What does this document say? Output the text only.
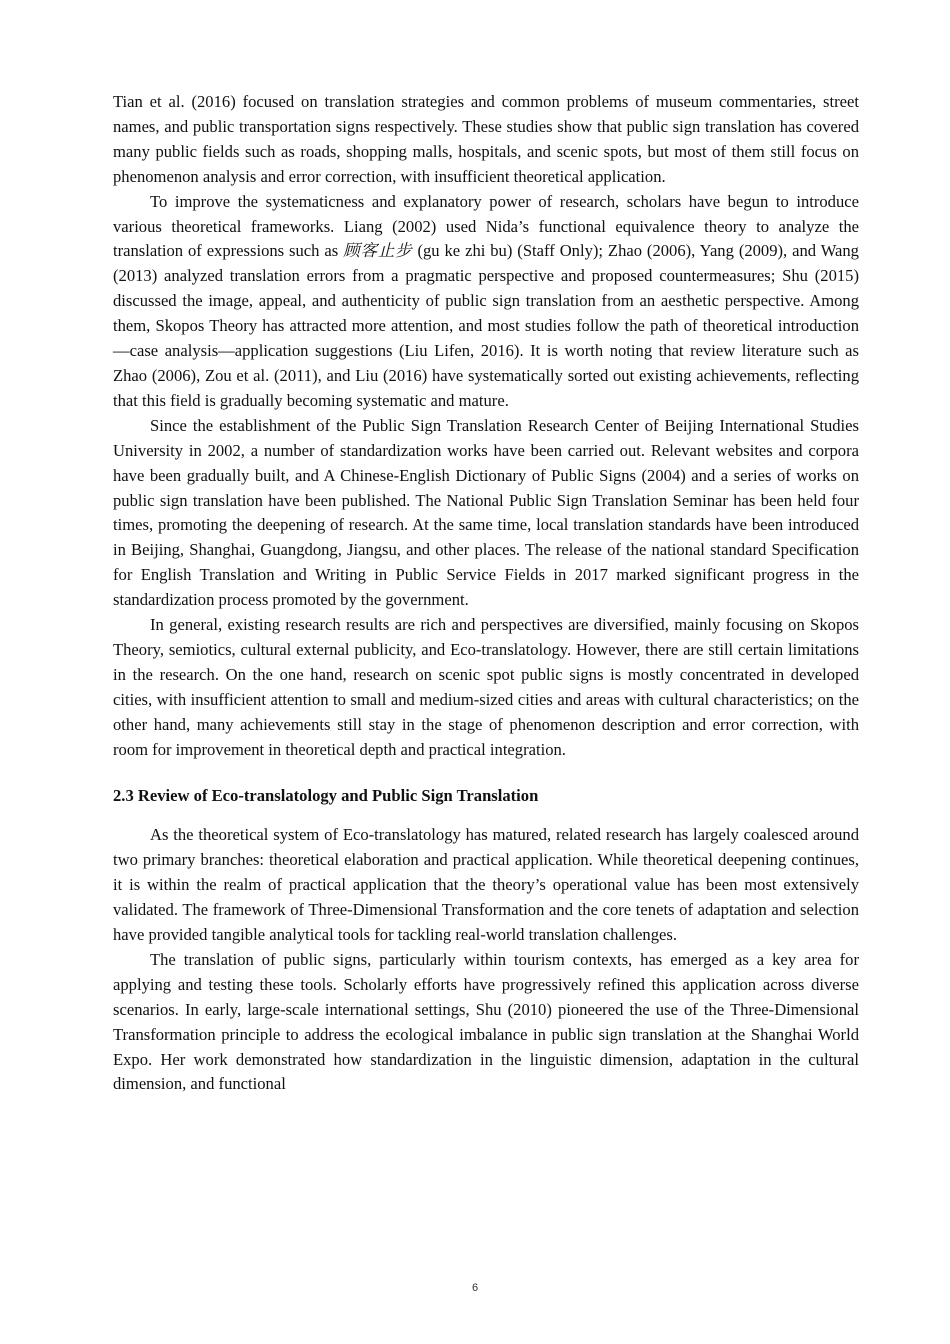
Tian et al. (2016) focused on translation strategies and common problems of museum commentaries, street names, and public transportation signs respectively. These studies show that public sign translation has covered many public fields such as roads, shopping malls, hospitals, and scenic spots, but most of them still focus on phenomenon analysis and error correction, with insufficient theoretical application.

To improve the systematicness and explanatory power of research, scholars have begun to introduce various theoretical frameworks. Liang (2002) used Nida’s functional equivalence theory to analyze the translation of expressions such as 顾客止步 (gu ke zhi bu) (Staff Only); Zhao (2006), Yang (2009), and Wang (2013) analyzed translation errors from a pragmatic perspective and proposed countermeasures; Shu (2015) discussed the image, appeal, and authenticity of public sign translation from an aesthetic perspective. Among them, Skopos Theory has attracted more attention, and most studies follow the path of theoretical introduction—case analysis—application suggestions (Liu Lifen, 2016). It is worth noting that review literature such as Zhao (2006), Zou et al. (2011), and Liu (2016) have systematically sorted out existing achievements, reflecting that this field is gradually becoming systematic and mature.

Since the establishment of the Public Sign Translation Research Center of Beijing International Studies University in 2002, a number of standardization works have been carried out. Relevant websites and corpora have been gradually built, and A Chinese-English Dictionary of Public Signs (2004) and a series of works on public sign translation have been published. The National Public Sign Translation Seminar has been held four times, promoting the deepening of research. At the same time, local translation standards have been introduced in Beijing, Shanghai, Guangdong, Jiangsu, and other places. The release of the national standard Specification for English Translation and Writing in Public Service Fields in 2017 marked significant progress in the standardization process promoted by the government.

In general, existing research results are rich and perspectives are diversified, mainly focusing on Skopos Theory, semiotics, cultural external publicity, and Eco-translatology. However, there are still certain limitations in the research. On the one hand, research on scenic spot public signs is mostly concentrated in developed cities, with insufficient attention to small and medium-sized cities and areas with cultural characteristics; on the other hand, many achievements still stay in the stage of phenomenon description and error correction, with room for improvement in theoretical depth and practical integration.

2.3 Review of Eco-translatology and Public Sign Translation

As the theoretical system of Eco-translatology has matured, related research has largely coalesced around two primary branches: theoretical elaboration and practical application. While theoretical deepening continues, it is within the realm of practical application that the theory’s operational value has been most extensively validated. The framework of Three-Dimensional Transformation and the core tenets of adaptation and selection have provided tangible analytical tools for tackling real-world translation challenges.

The translation of public signs, particularly within tourism contexts, has emerged as a key area for applying and testing these tools. Scholarly efforts have progressively refined this application across diverse scenarios. In early, large-scale international settings, Shu (2010) pioneered the use of the Three-Dimensional Transformation principle to address the ecological imbalance in public sign translation at the Shanghai World Expo. Her work demonstrated how standardization in the linguistic dimension, adaptation in the cultural dimension, and functional

6
